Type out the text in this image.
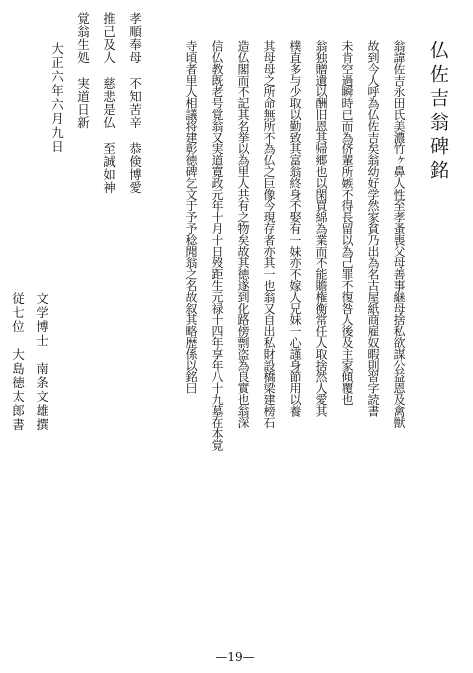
仏佐吉翁碑銘
翁諱佐吉永田氏美濃竹ヶ鼻人性至孝蚤喪父母善事継母捨私欲謀公益恩及禽獣
故到今人呼為仏佐吉矣翁幼好学然家貧乃出為名古屋紙商雇奴暇則習字読書
未肯空過瞬時已而為侪輩所嫉不得長留以為己罪不復咎人後及主家傾覆也
翁独贈遺以酬旧恩其帰郷也以閑買綿為業而不能贍権衡常任人取捨然人愛其
樸直多与少取以勤致其富翁終身不娶有一妹亦不嫁人兄妹一心謹身節用以養
其母母之所命無所不為仏之巨像今現存者亦其一也翁又自出私財設橋梁建榜石
造仏閣而不記其名挙以為里人共有之物矣故其徳遂到化路傍剽盗為良實也翁深
信仏教既老号覚翁又実道寛政元年十月十日歿距生元禄十四年享年八十九墓在本覚
寺頃者里人相議将建彰徳碑乞文于予予稔聞翁之名故叙其略歴係以銘曰
孝順奉母　不知苦辛　恭倹博愛
推己及人　慈悲是仏　至誠如神
覚翁生処　実道日新
大正六年六月九日
文学博士　南条文雄撰
従七位　大島徳太郎書
—19—
